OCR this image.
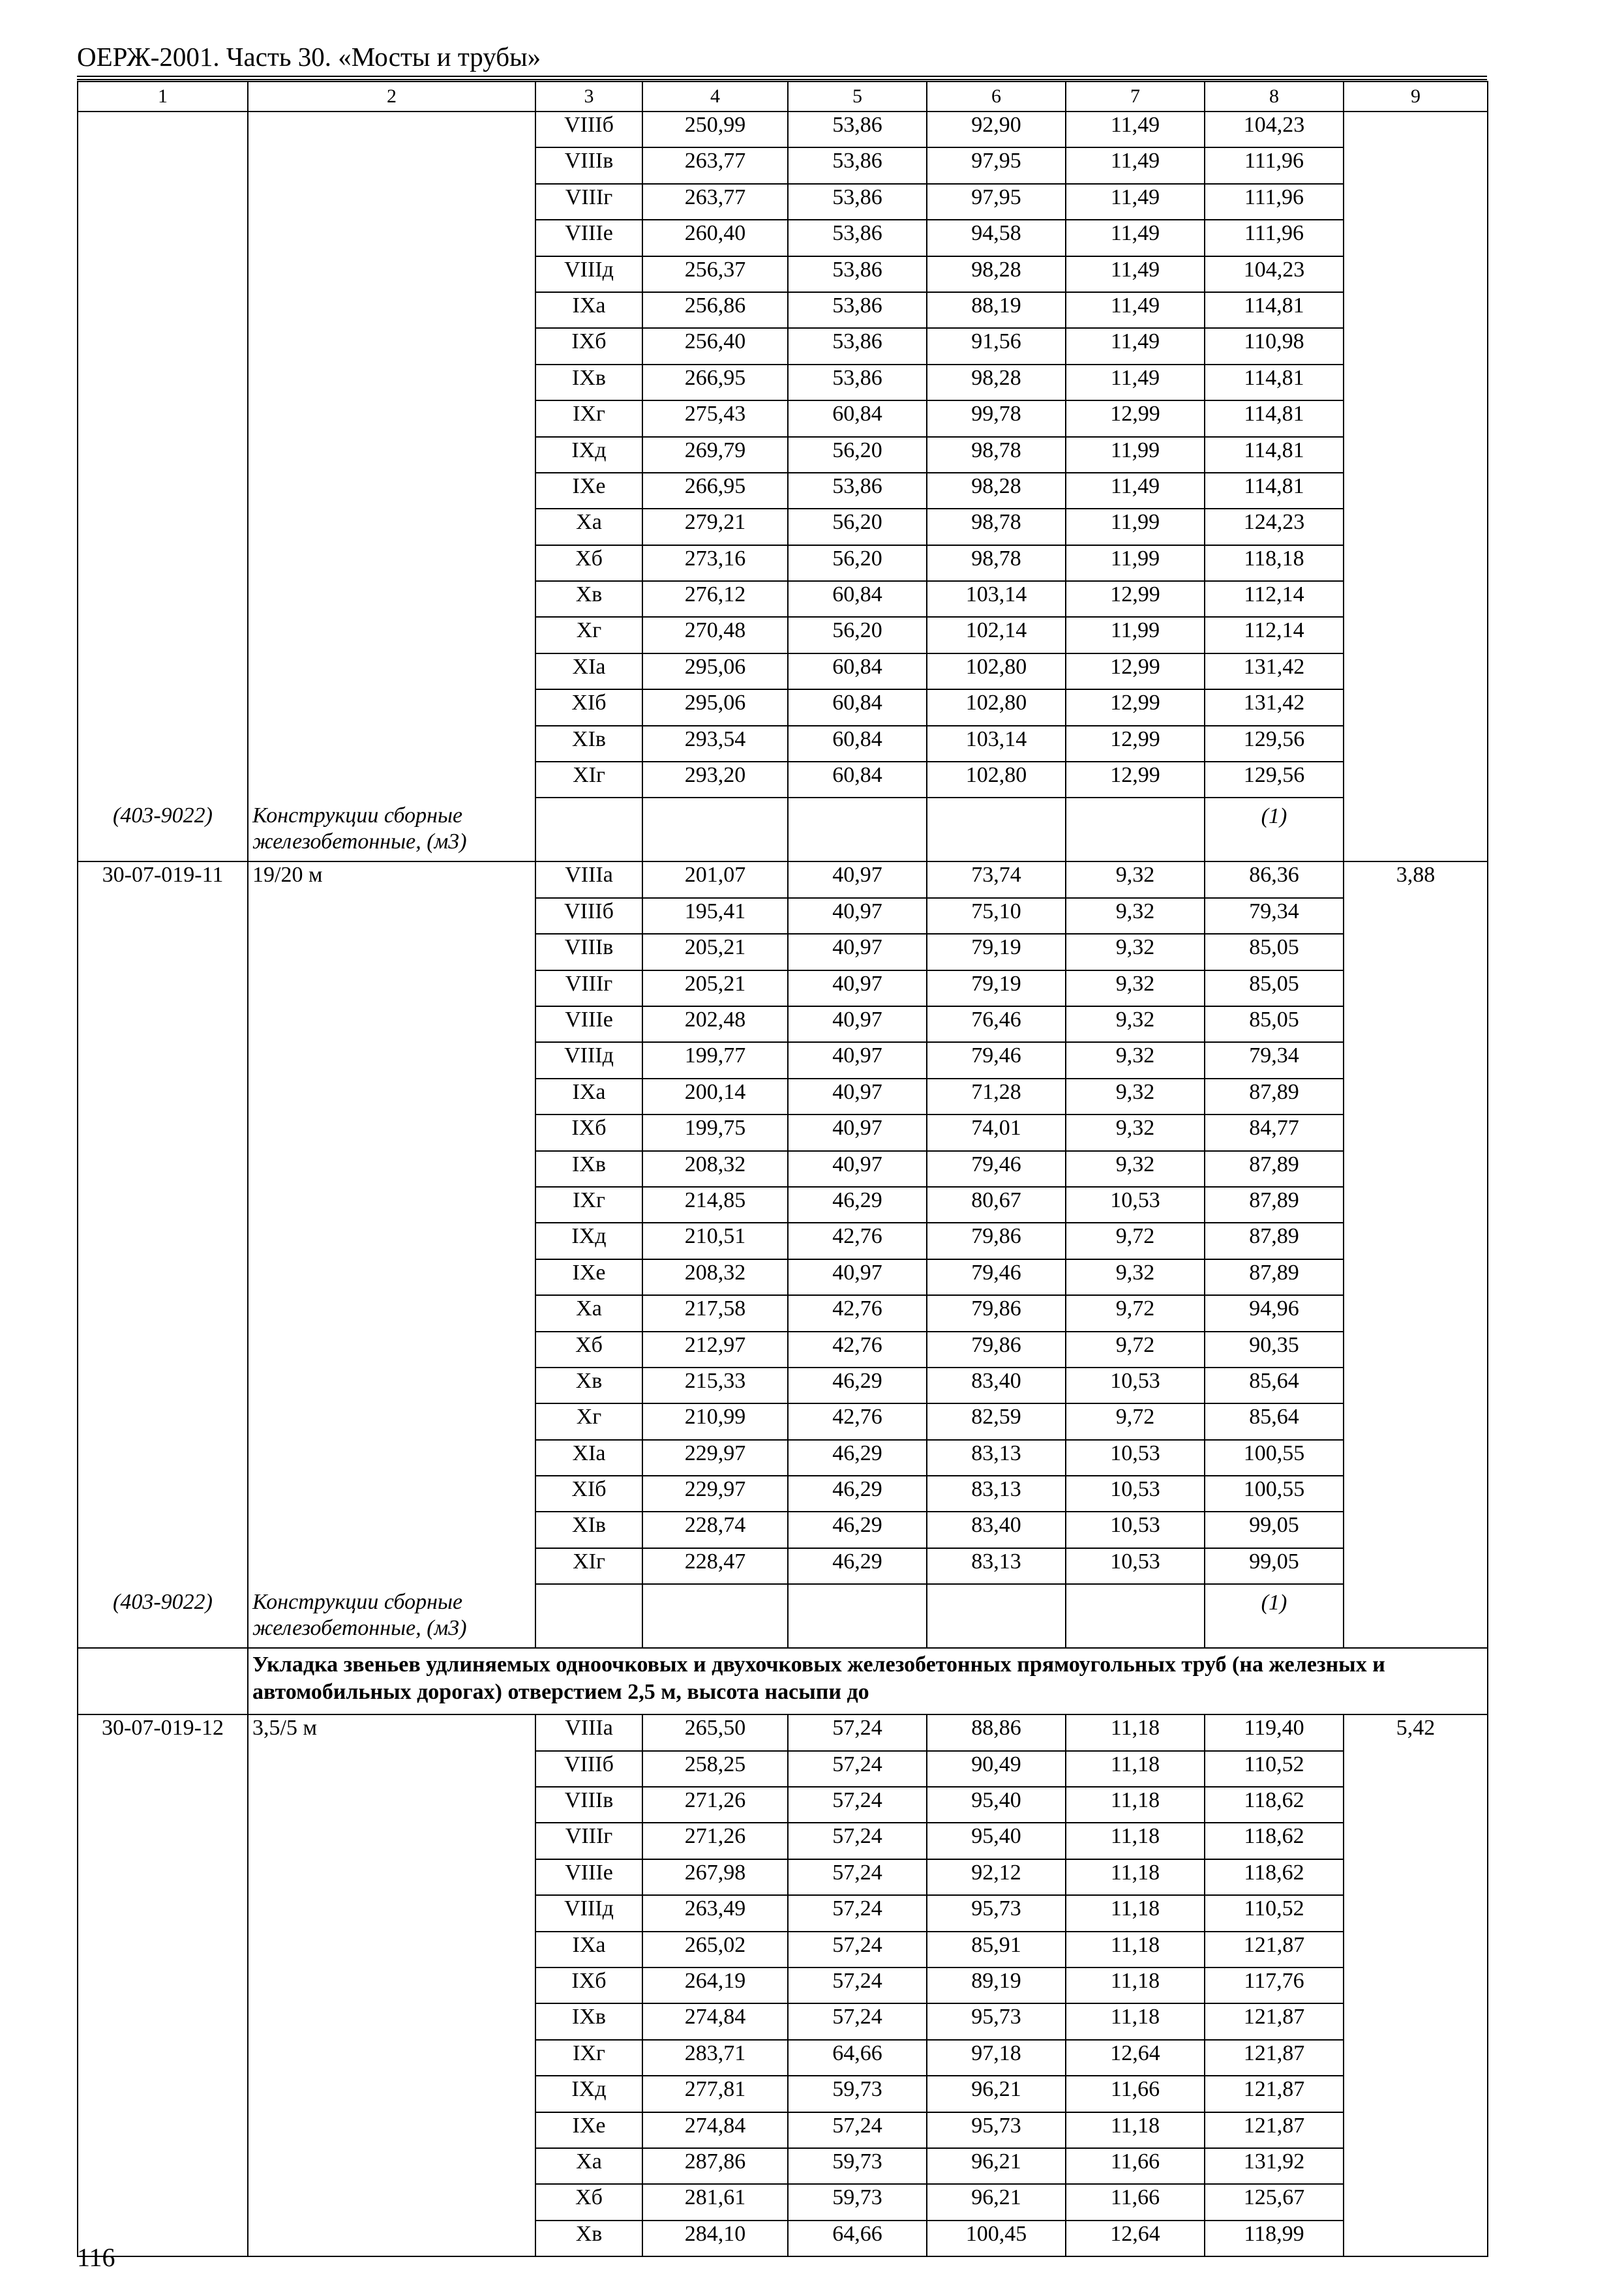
ОЕРЖ-2001. Часть 30. «Мосты и трубы»
1	2	3	4	5	6	7	8	9
		VIIIб	250,99	53,86	92,90	11,49	104,23	
		VIIIв	263,77	53,86	97,95	11,49	111,96	
		VIIIг	263,77	53,86	97,95	11,49	111,96	
		VIIIе	260,40	53,86	94,58	11,49	111,96	
		VIIIд	256,37	53,86	98,28	11,49	104,23	
		IXа	256,86	53,86	88,19	11,49	114,81	
		IXб	256,40	53,86	91,56	11,49	110,98	
		IXв	266,95	53,86	98,28	11,49	114,81	
		IXг	275,43	60,84	99,78	12,99	114,81	
		IXд	269,79	56,20	98,78	11,99	114,81	
		IXе	266,95	53,86	98,28	11,49	114,81	
		Xа	279,21	56,20	98,78	11,99	124,23	
		Xб	273,16	56,20	98,78	11,99	118,18	
		Xв	276,12	60,84	103,14	12,99	112,14	
		Xг	270,48	56,20	102,14	11,99	112,14	
		XIа	295,06	60,84	102,80	12,99	131,42	
		XIб	295,06	60,84	102,80	12,99	131,42	
		XIв	293,54	60,84	103,14	12,99	129,56	
		XIг	293,20	60,84	102,80	12,99	129,56	
(403-9022)	Конструкции сборные железобетонные, (м3)						(1)	
30-07-019-11	19/20 м	VIIIа	201,07	40,97	73,74	9,32	86,36	3,88
		VIIIб	195,41	40,97	75,10	9,32	79,34	
		VIIIв	205,21	40,97	79,19	9,32	85,05	
		VIIIг	205,21	40,97	79,19	9,32	85,05	
		VIIIе	202,48	40,97	76,46	9,32	85,05	
		VIIIд	199,77	40,97	79,46	9,32	79,34	
		IXа	200,14	40,97	71,28	9,32	87,89	
		IXб	199,75	40,97	74,01	9,32	84,77	
		IXв	208,32	40,97	79,46	9,32	87,89	
		IXг	214,85	46,29	80,67	10,53	87,89	
		IXд	210,51	42,76	79,86	9,72	87,89	
		IXе	208,32	40,97	79,46	9,32	87,89	
		Xа	217,58	42,76	79,86	9,72	94,96	
		Xб	212,97	42,76	79,86	9,72	90,35	
		Xв	215,33	46,29	83,40	10,53	85,64	
		Xг	210,99	42,76	82,59	9,72	85,64	
		XIа	229,97	46,29	83,13	10,53	100,55	
		XIб	229,97	46,29	83,13	10,53	100,55	
		XIв	228,74	46,29	83,40	10,53	99,05	
		XIг	228,47	46,29	83,13	10,53	99,05	
(403-9022)	Конструкции сборные железобетонные, (м3)						(1)	
	Укладка звеньев удлиняемых одноочковых и двухочковых железобетонных прямоугольных труб (на железных и автомобильных дорогах) отверстием 2,5 м, высота насыпи до							
30-07-019-12	3,5/5 м	VIIIа	265,50	57,24	88,86	11,18	119,40	5,42
		VIIIб	258,25	57,24	90,49	11,18	110,52	
		VIIIв	271,26	57,24	95,40	11,18	118,62	
		VIIIг	271,26	57,24	95,40	11,18	118,62	
		VIIIе	267,98	57,24	92,12	11,18	118,62	
		VIIIд	263,49	57,24	95,73	11,18	110,52	
		IXа	265,02	57,24	85,91	11,18	121,87	
		IXб	264,19	57,24	89,19	11,18	117,76	
		IXв	274,84	57,24	95,73	11,18	121,87	
		IXг	283,71	64,66	97,18	12,64	121,87	
		IXд	277,81	59,73	96,21	11,66	121,87	
		IXе	274,84	57,24	95,73	11,18	121,87	
		Xа	287,86	59,73	96,21	11,66	131,92	
		Xб	281,61	59,73	96,21	11,66	125,67	
		Xв	284,10	64,66	100,45	12,64	118,99	
116
